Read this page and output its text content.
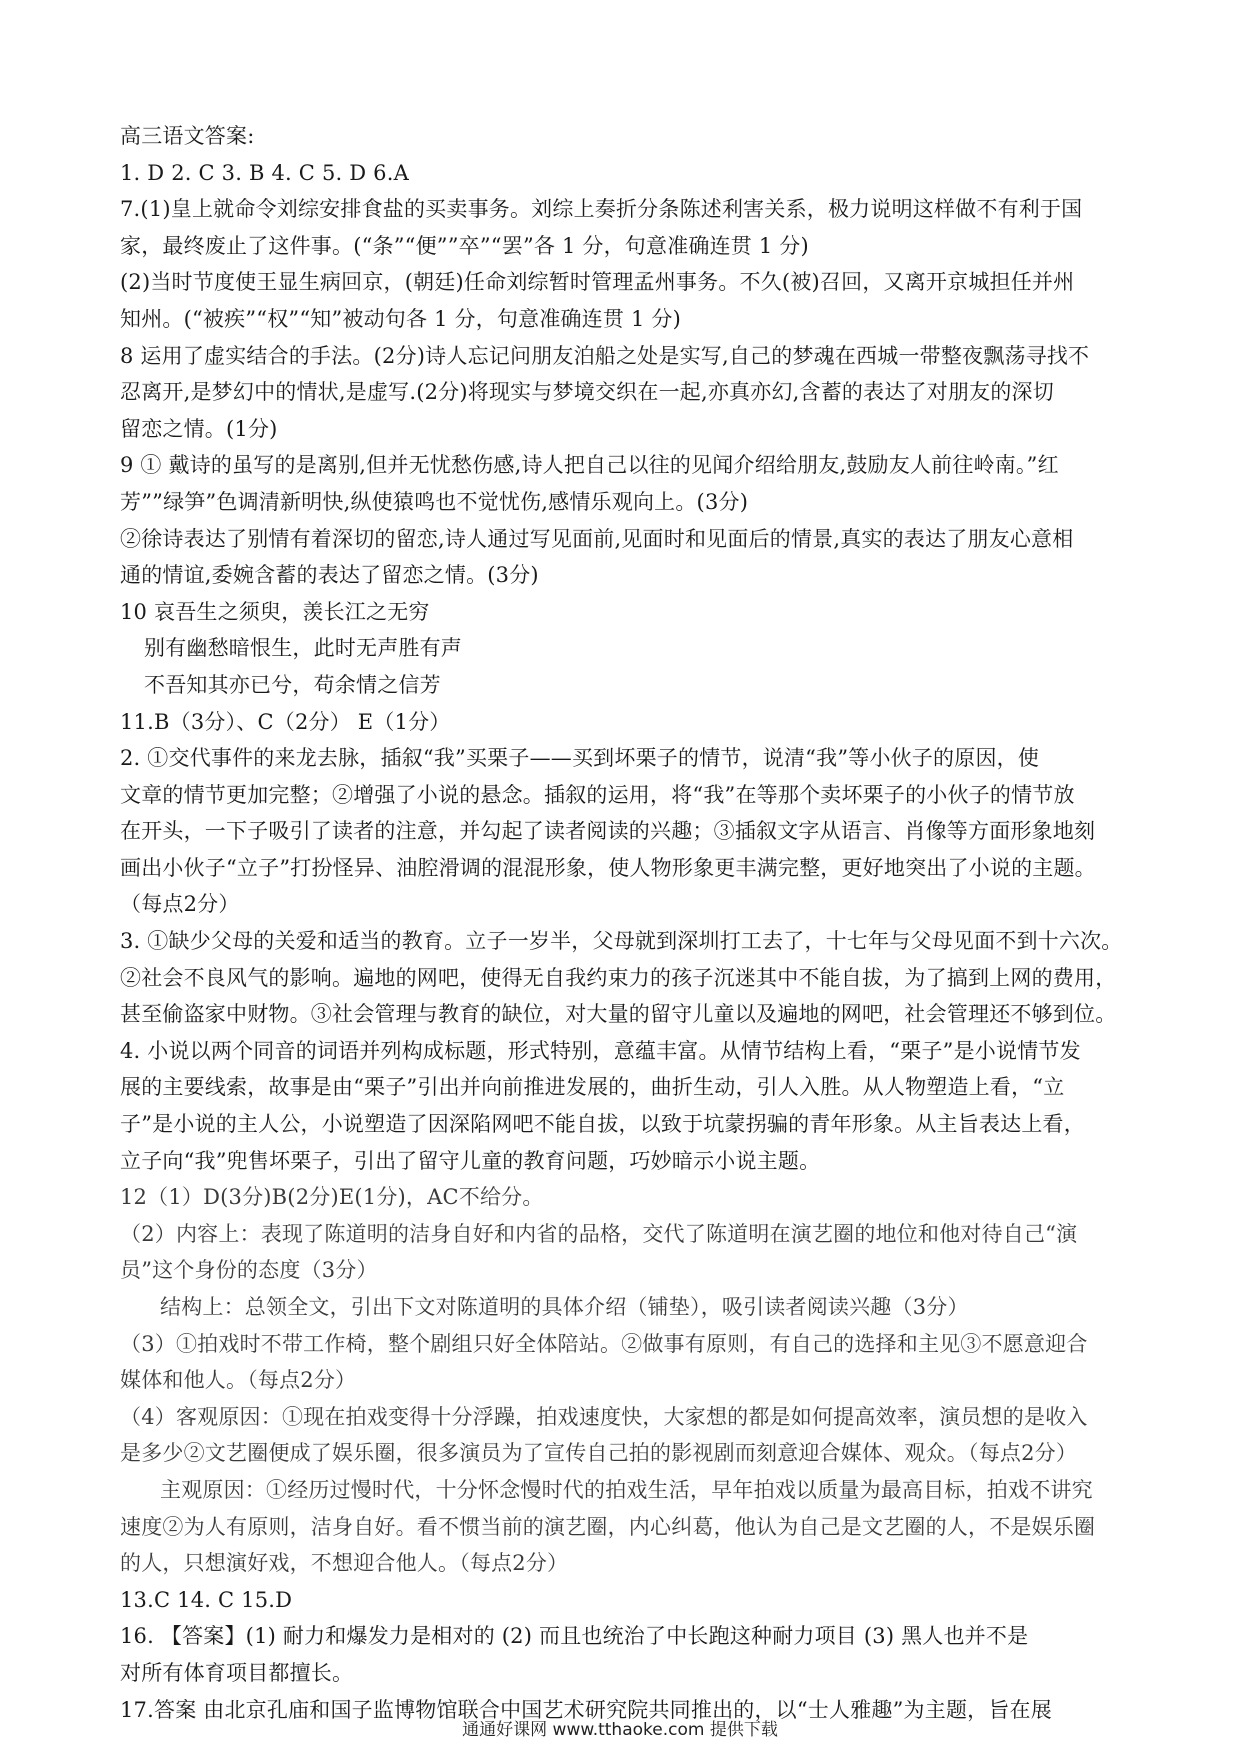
高三语文答案:
1. D 2. C 3. B 4. C 5. D 6.A
7.(1)皇上就命令刘综安排食盐的买卖事务。刘综上奏折分条陈述利害关系，极力说明这样做不有利于国
家，最终废止了这件事。(“条”“便””卒”“罢”各 1 分，句意准确连贯 1 分)
(2)当时节度使王显生病回京，(朝廷)任命刘综暂时管理孟州事务。不久(被)召回，又离开京城担任并州
知州。(“被疾”“权”“知”被动句各 1 分，句意准确连贯 1 分)
8 运用了虚实结合的手法。(2分)诗人忘记问朋友泊船之处是实写,自己的梦魂在西城一带整夜飘荡寻找不
忍离开,是梦幻中的情状,是虚写.(2分)将现实与梦境交织在一起,亦真亦幻,含蓄的表达了对朋友的深切
留恋之情。(1分)
9 ① 戴诗的虽写的是离别,但并无忧愁伤感,诗人把自己以往的见闻介绍给朋友,鼓励友人前往岭南。”红
芳””绿笋”色调清新明快,纵使猿鸣也不觉忧伤,感情乐观向上。(3分)
②徐诗表达了别情有着深切的留恋,诗人通过写见面前,见面时和见面后的情景,真实的表达了朋友心意相
通的情谊,委婉含蓄的表达了留恋之情。(3分)
10 哀吾生之须臾，羡长江之无穷
别有幽愁暗恨生，此时无声胜有声
不吾知其亦已兮，苟余情之信芳
11.B（3分）、C（2分） E（1分）
2. ①交代事件的来龙去脉，插叙“我”买栗子——买到坏栗子的情节，说清“我”等小伙子的原因，使
文章的情节更加完整；②增强了小说的悬念。插叙的运用，将“我”在等那个卖坏栗子的小伙子的情节放
在开头，一下子吸引了读者的注意，并勾起了读者阅读的兴趣；③插叙文字从语言、肖像等方面形象地刻
画出小伙子“立子”打扮怪异、油腔滑调的混混形象，使人物形象更丰满完整，更好地突出了小说的主题。
（每点2分）
3. ①缺少父母的关爱和适当的教育。立子一岁半，父母就到深圳打工去了，十七年与父母见面不到十六次。
②社会不良风气的影响。遍地的网吧，使得无自我约束力的孩子沉迷其中不能自拔，为了搞到上网的费用，
甚至偷盗家中财物。③社会管理与教育的缺位，对大量的留守儿童以及遍地的网吧，社会管理还不够到位。
4. 小说以两个同音的词语并列构成标题，形式特别，意蕴丰富。从情节结构上看，“栗子”是小说情节发
展的主要线索，故事是由“栗子”引出并向前推进发展的，曲折生动，引人入胜。从人物塑造上看，“立
子”是小说的主人公，小说塑造了因深陷网吧不能自拔，以致于坑蒙拐骗的青年形象。从主旨表达上看，
立子向“我”兜售坏栗子，引出了留守儿童的教育问题，巧妙暗示小说主题。
12（1）D(3分)B(2分)E(1分)，AC不给分。
（2）内容上：表现了陈道明的洁身自好和内省的品格，交代了陈道明在演艺圈的地位和他对待自己“演
员”这个身份的态度（3分）
结构上：总领全文，引出下文对陈道明的具体介绍（铺垫），吸引读者阅读兴趣（3分）
（3）①拍戏时不带工作椅，整个剧组只好全体陪站。②做事有原则，有自己的选择和主见③不愿意迎合
媒体和他人。（每点2分）
（4）客观原因：①现在拍戏变得十分浮躁，拍戏速度快，大家想的都是如何提高效率，演员想的是收入
是多少②文艺圈便成了娱乐圈，很多演员为了宣传自己拍的影视剧而刻意迎合媒体、观众。（每点2分）
主观原因：①经历过慢时代，十分怀念慢时代的拍戏生活，早年拍戏以质量为最高目标，拍戏不讲究
速度②为人有原则，洁身自好。看不惯当前的演艺圈，内心纠葛，他认为自己是文艺圈的人，不是娱乐圈
的人，只想演好戏，不想迎合他人。（每点2分）
13.C 14. C 15.D
16. 【答案】(1) 耐力和爆发力是相对的 (2) 而且也统治了中长跑这种耐力项目 (3) 黑人也并不是
对所有体育项目都擅长。
17.答案 由北京孔庙和国子监博物馆联合中国艺术研究院共同推出的，以“士人雅趣”为主题，旨在展
通通好课网 www.tthaoke.com 提供下载
